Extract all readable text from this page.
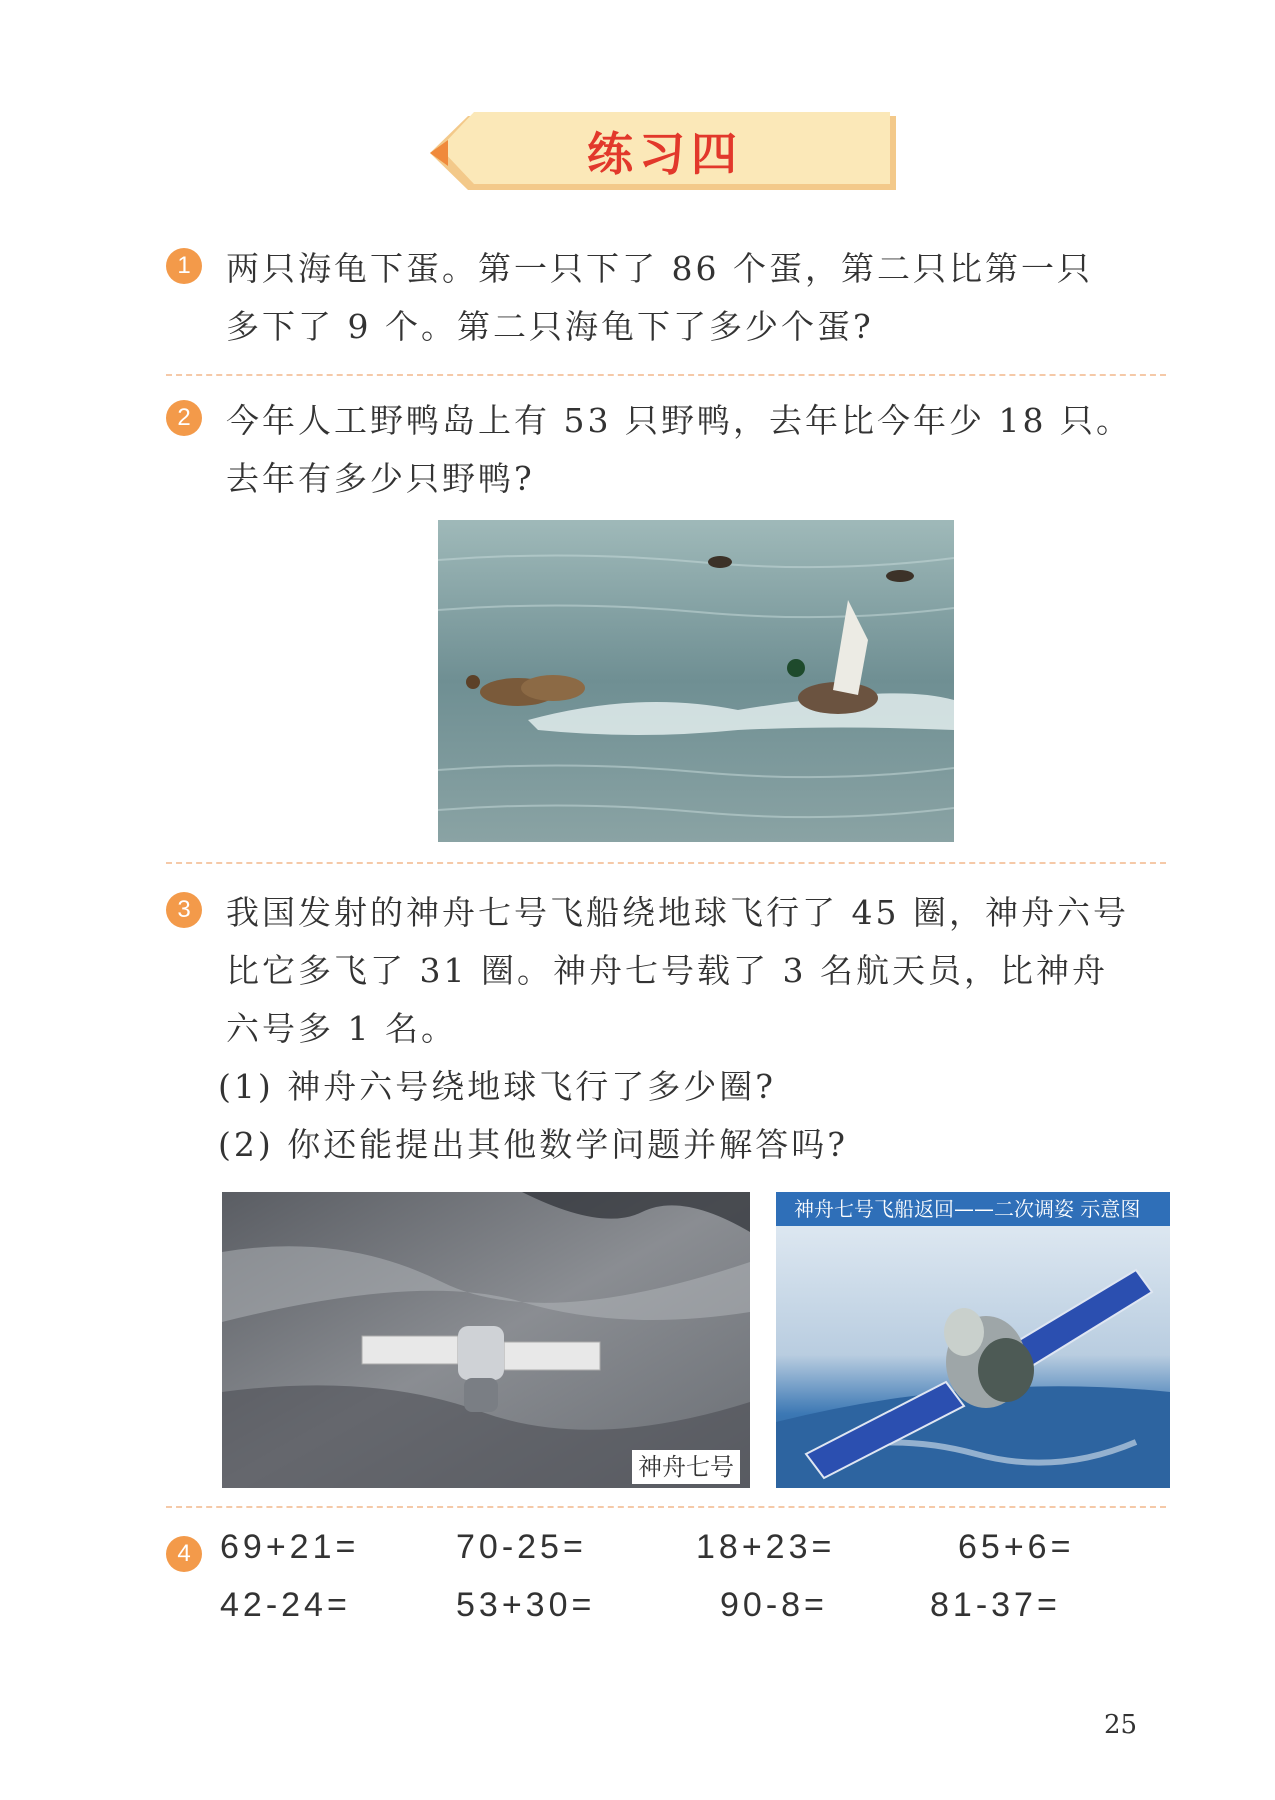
练习四
1	两只海龟下蛋。第一只下了 86 个蛋，第二只比第一只
多下了 9 个。第二只海龟下了多少个蛋?
2	今年人工野鸭岛上有 53 只野鸭，去年比今年少 18 只。
去年有多少只野鸭?
3	我国发射的神舟七号飞船绕地球飞行了 45 圈，神舟六号
比它多飞了 31 圈。神舟七号载了 3 名航天员，比神舟
六号多 1 名。
(1) 神舟六号绕地球飞行了多少圈?
(2) 你还能提出其他数学问题并解答吗?
神舟七号
神舟七号飞船返回——二次调姿 示意图
4 69+21=	70-25=	18+23=	65+6=
42-24=	53+30=	90-8=	81-37=
25
